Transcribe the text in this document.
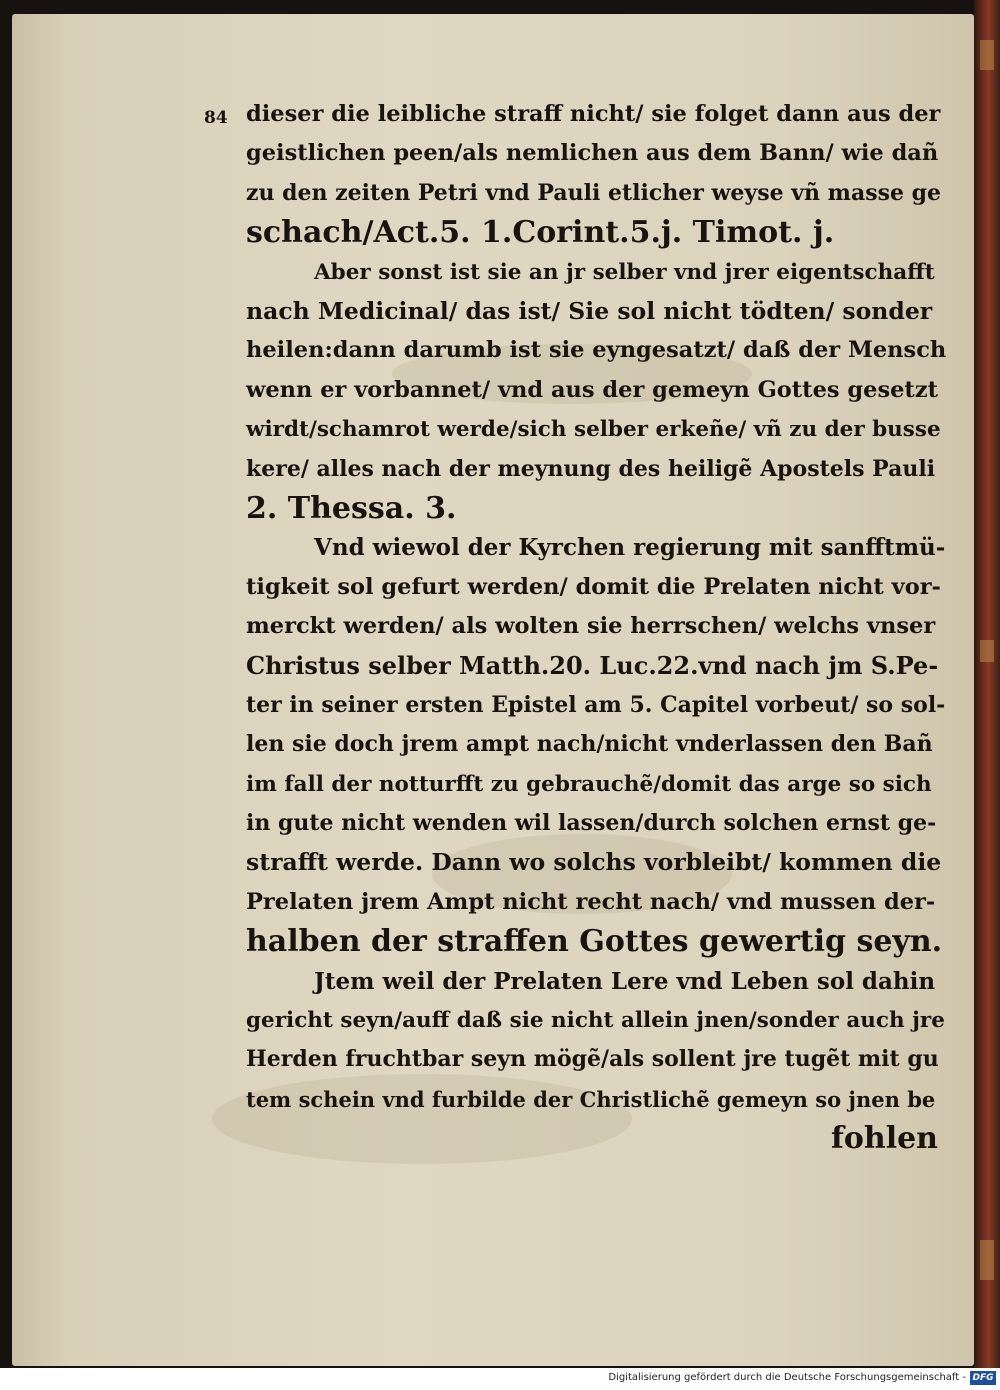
84 dieser die leibliche straff nicht/ sie folget dann aus der
geistlichen peen/als nemlichen aus dem Bann/ wie dañ
zu den zeiten Petri vnd Pauli etlicher weyse vñ masse ge
schach/Act.5. 1.Corint.5.j. Timot. j.
Aber sonst ist sie an jr selber vnd jrer eigentschafft
nach Medicinal/ das ist/ Sie sol nicht tödten/ sonder
heilen:dann darumb ist sie eyngesatzt/ daß der Mensch
wenn er vorbannet/ vnd aus der gemeyn Gottes gesetzt
wirdt/schamrot werde/sich selber erkeñe/ vñ zu der busse
kere/ alles nach der meynung des heiligẽ Apostels Pauli
2. Thessa. 3.
Vnd wiewol der Kyrchen regierung mit sanfftmü-
tigkeit sol gefurt werden/ domit die Prelaten nicht vor-
merckt werden/ als wolten sie herrschen/ welchs vnser
Christus selber Matth.20. Luc.22.vnd nach jm S.Pe-
ter in seiner ersten Epistel am 5. Capitel vorbeut/ so sol-
len sie doch jrem ampt nach/nicht vnderlassen den Bañ
im fall der notturfft zu gebrauchẽ/domit das arge so sich
in gute nicht wenden wil lassen/durch solchen ernst ge-
strafft werde. Dann wo solchs vorbleibt/ kommen die
Prelaten jrem Ampt nicht recht nach/ vnd mussen der-
halben der straffen Gottes gewertig seyn.
Jtem weil der Prelaten Lere vnd Leben sol dahin
gericht seyn/auff daß sie nicht allein jnen/sonder auch jre
Herden fruchtbar seyn mögẽ/als sollent jre tugẽt mit gu
tem schein vnd furbilde der Christlichẽ gemeyn so jnen be
fohlen
Digitalisierung gefördert durch die Deutsche Forschungsgemeinschaft - DFG
